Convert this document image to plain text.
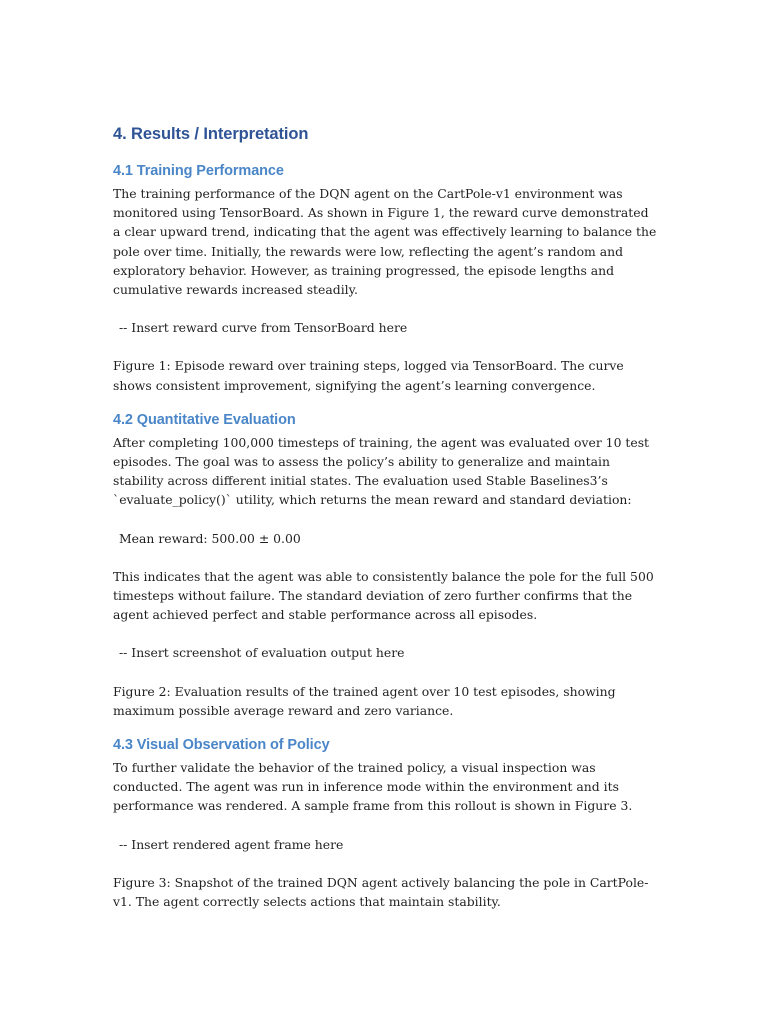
4. Results / Interpretation
4.1 Training Performance

The training performance of the DQN agent on the CartPole-v1 environment was monitored using TensorBoard. As shown in Figure 1, the reward curve demonstrated a clear upward trend, indicating that the agent was effectively learning to balance the pole over time. Initially, the rewards were low, reflecting the agent’s random and exploratory behavior. However, as training progressed, the episode lengths and cumulative rewards increased steadily.

-- Insert reward curve from TensorBoard here

Figure 1: Episode reward over training steps, logged via TensorBoard. The curve shows consistent improvement, signifying the agent’s learning convergence.

4.2 Quantitative Evaluation

After completing 100,000 timesteps of training, the agent was evaluated over 10 test episodes. The goal was to assess the policy’s ability to generalize and maintain stability across different initial states. The evaluation used Stable Baselines3’s `evaluate_policy()` utility, which returns the mean reward and standard deviation:

Mean reward: 500.00 ± 0.00

This indicates that the agent was able to consistently balance the pole for the full 500 timesteps without failure. The standard deviation of zero further confirms that the agent achieved perfect and stable performance across all episodes.

-- Insert screenshot of evaluation output here

Figure 2: Evaluation results of the trained agent over 10 test episodes, showing maximum possible average reward and zero variance.

4.3 Visual Observation of Policy

To further validate the behavior of the trained policy, a visual inspection was conducted. The agent was run in inference mode within the environment and its performance was rendered. A sample frame from this rollout is shown in Figure 3.

-- Insert rendered agent frame here

Figure 3: Snapshot of the trained DQN agent actively balancing the pole in CartPole-v1. The agent correctly selects actions that maintain stability.
